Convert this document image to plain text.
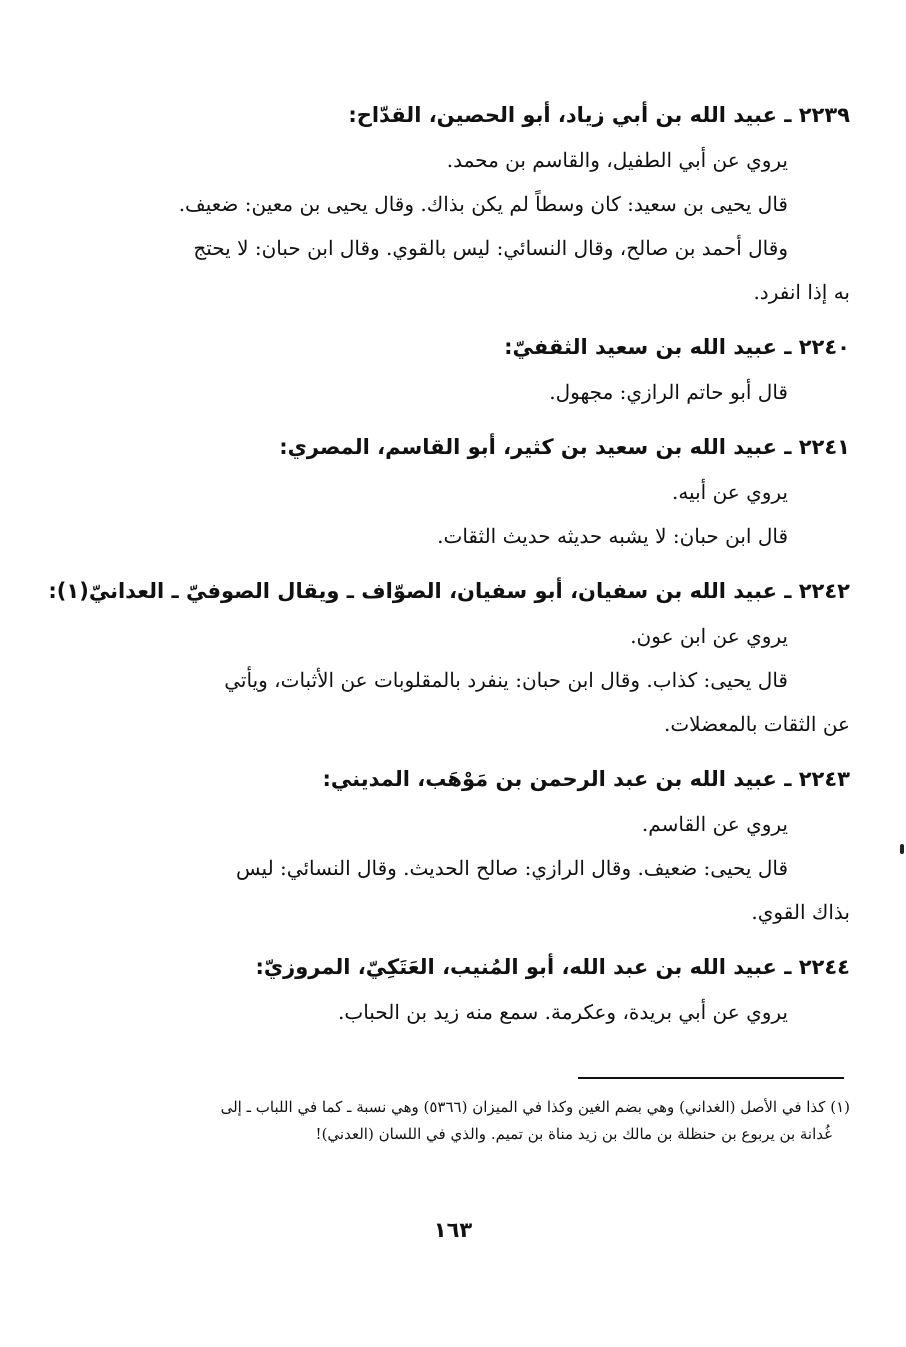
٢٢٣٩ ـ عبيد الله بن أبي زياد، أبو الحصين، القدّاح:
يروي عن أبي الطفيل، والقاسم بن محمد.
قال يحيى بن سعيد: كان وسطاً لم يكن بذاك. وقال يحيى بن معين: ضعيف.
وقال أحمد بن صالح، وقال النسائي: ليس بالقوي. وقال ابن حبان: لا يحتج
به إذا انفرد.
٢٢٤٠ ـ عبيد الله بن سعيد الثقفيّ:
قال أبو حاتم الرازي: مجهول.
٢٢٤١ ـ عبيد الله بن سعيد بن كثير، أبو القاسم، المصري:
يروي عن أبيه.
قال ابن حبان: لا يشبه حديثه حديث الثقات.
٢٢٤٢ ـ عبيد الله بن سفيان، أبو سفيان، الصوّاف ـ ويقال الصوفيّ ـ العدانيّ(١):
يروي عن ابن عون.
قال يحيى: كذاب. وقال ابن حبان: ينفرد بالمقلوبات عن الأثبات، ويأتي
عن الثقات بالمعضلات.
٢٢٤٣ ـ عبيد الله بن عبد الرحمن بن مَوْهَب، المديني:
يروي عن القاسم.
قال يحيى: ضعيف. وقال الرازي: صالح الحديث. وقال النسائي: ليس
بذاك القوي.
٢٢٤٤ ـ عبيد الله بن عبد الله، أبو المُنيب، العَتَكِيّ، المروزيّ:
يروي عن أبي بريدة، وعكرمة. سمع منه زيد بن الحباب.
(١) كذا في الأصل (الغداني) وهي بضم الغين وكذا في الميزان (٥٣٦٦) وهي نسبة ـ كما في اللباب ـ إلى
غُدانة بن يربوع بن حنظلة بن مالك بن زيد مناة بن تميم. والذي في اللسان (العدني)!
١٦٣
